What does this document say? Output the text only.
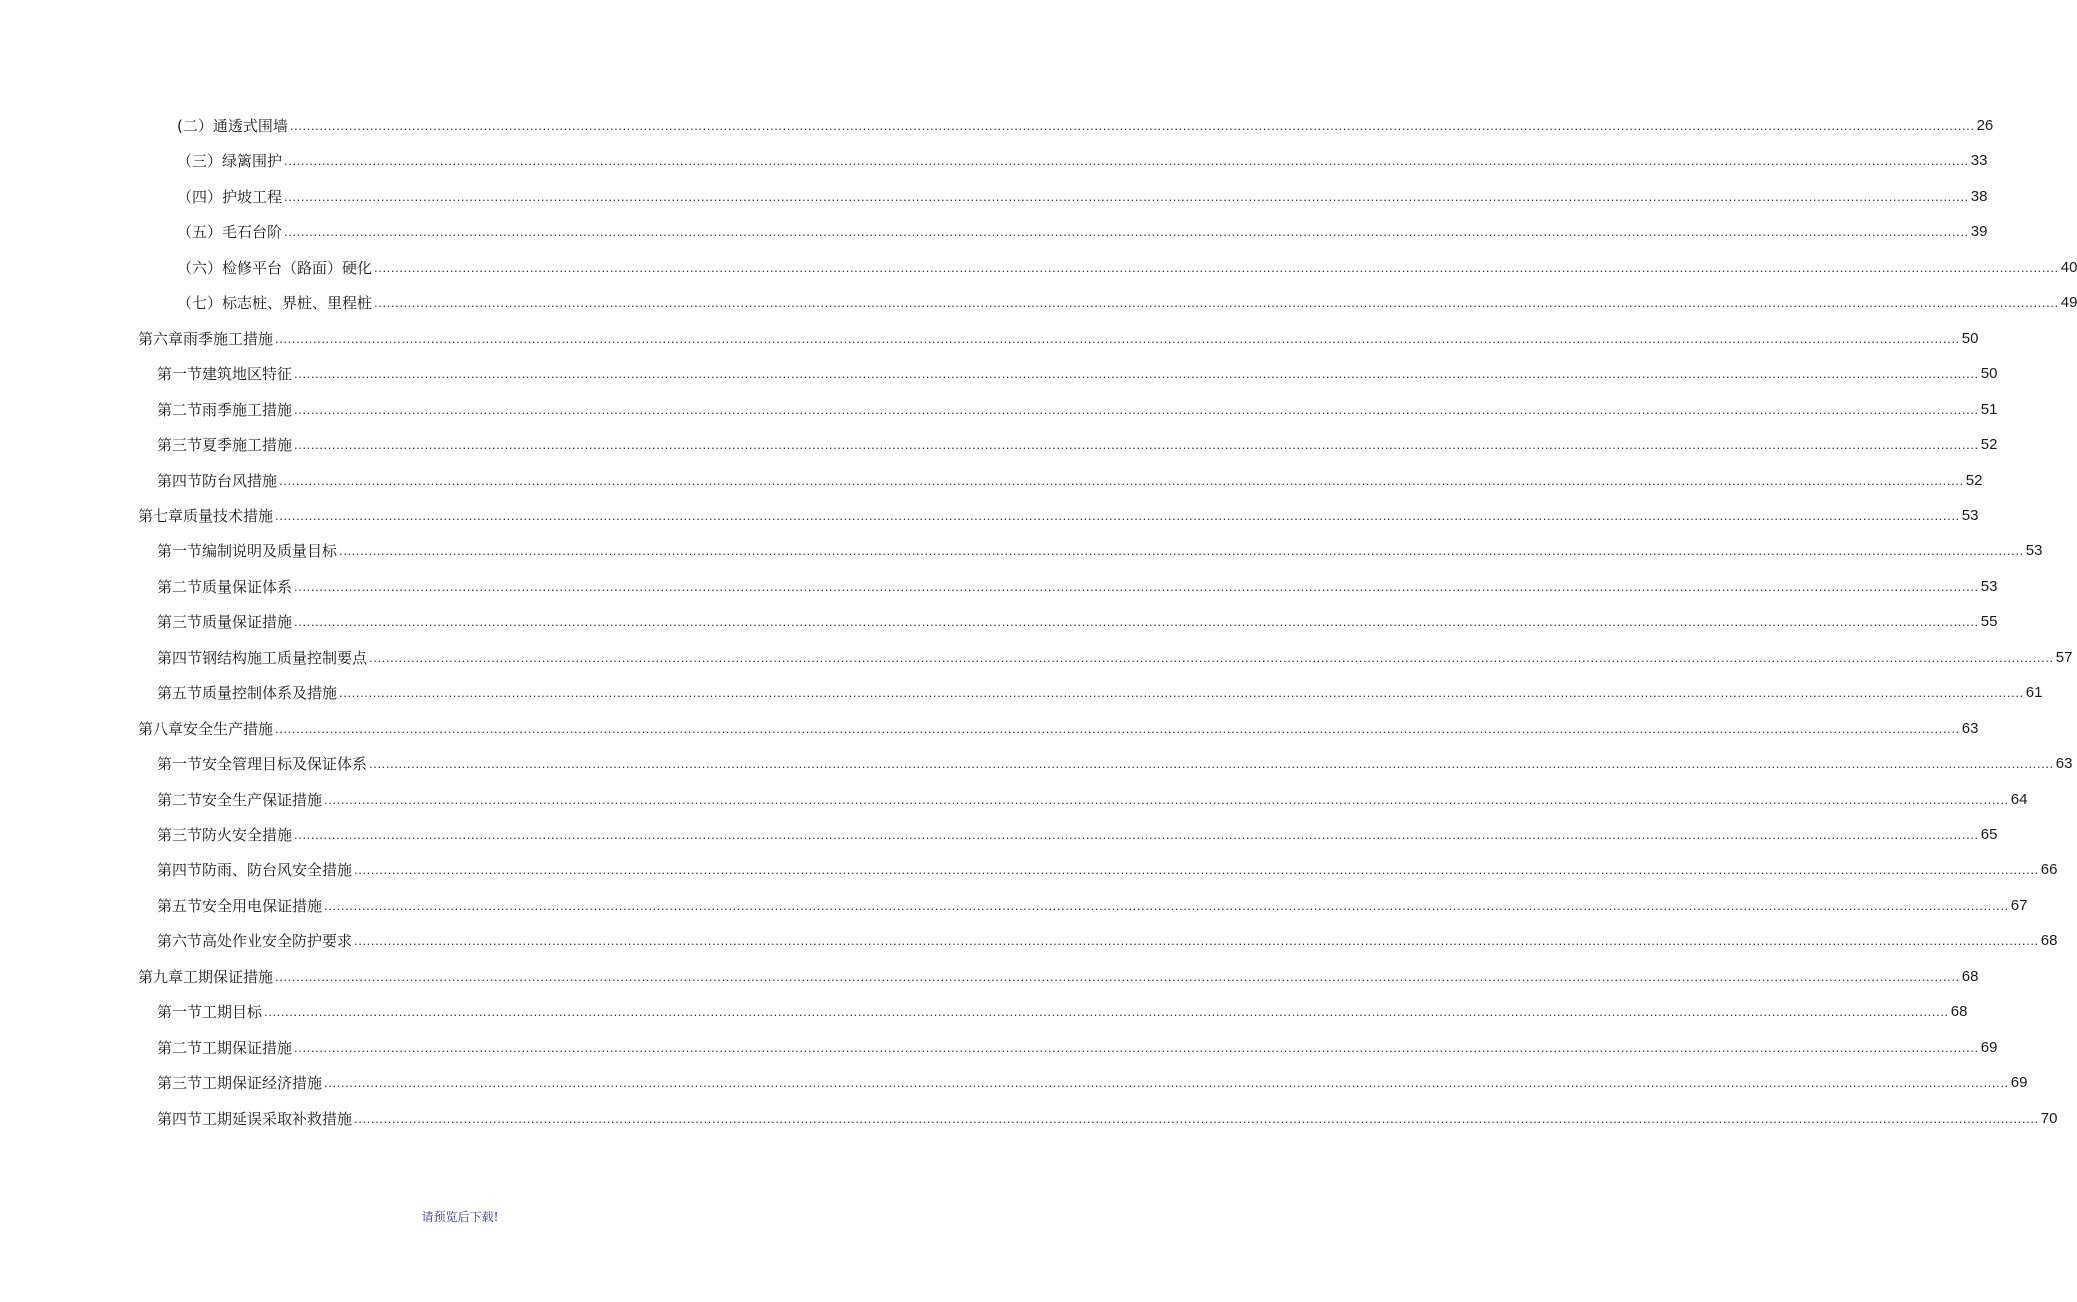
(二）通透式围墙 ................................................................................................................................................................................................................................................................................................................................................................................................................ 26
（三）绿篱围护 ................................................................................................................................................................................................................................................................................................................................................................................................................ 33
（四）护坡工程 ................................................................................................................................................................................................................................................................................................................................................................................................................ 38
（五）毛石台阶 ................................................................................................................................................................................................................................................................................................................................................................................................................ 39
（六）检修平台（路面）硬化 ................................................................................................................................................................................................................................................................................................................................................................................................................ 40
（七）标志桩、界桩、里程桩 ................................................................................................................................................................................................................................................................................................................................................................................................................ 49
第六章雨季施工措施 ................................................................................................................................................................................................................................................................................................................................................................................................................ 50
第一节建筑地区特征 ................................................................................................................................................................................................................................................................................................................................................................................................................ 50
第二节雨季施工措施 ................................................................................................................................................................................................................................................................................................................................................................................................................ 51
第三节夏季施工措施 ................................................................................................................................................................................................................................................................................................................................................................................................................ 52
第四节防台风措施 ................................................................................................................................................................................................................................................................................................................................................................................................................ 52
第七章质量技术措施 ................................................................................................................................................................................................................................................................................................................................................................................................................ 53
第一节编制说明及质量目标 ................................................................................................................................................................................................................................................................................................................................................................................................................ 53
第二节质量保证体系 ................................................................................................................................................................................................................................................................................................................................................................................................................ 53
第三节质量保证措施 ................................................................................................................................................................................................................................................................................................................................................................................................................ 55
第四节钢结构施工质量控制要点 ................................................................................................................................................................................................................................................................................................................................................................................................................ 57
第五节质量控制体系及措施 ................................................................................................................................................................................................................................................................................................................................................................................................................ 61
第八章安全生产措施 ................................................................................................................................................................................................................................................................................................................................................................................................................ 63
第一节安全管理目标及保证体系 ................................................................................................................................................................................................................................................................................................................................................................................................................ 63
第二节安全生产保证措施 ................................................................................................................................................................................................................................................................................................................................................................................................................ 64
第三节防火安全措施 ................................................................................................................................................................................................................................................................................................................................................................................................................ 65
第四节防雨、防台风安全措施 ................................................................................................................................................................................................................................................................................................................................................................................................................ 66
第五节安全用电保证措施 ................................................................................................................................................................................................................................................................................................................................................................................................................ 67
第六节高处作业安全防护要求 ................................................................................................................................................................................................................................................................................................................................................................................................................ 68
第九章工期保证措施 ................................................................................................................................................................................................................................................................................................................................................................................................................ 68
第一节工期目标 ................................................................................................................................................................................................................................................................................................................................................................................................................ 68
第二节工期保证措施 ................................................................................................................................................................................................................................................................................................................................................................................................................ 69
第三节工期保证经济措施 ................................................................................................................................................................................................................................................................................................................................................................................................................ 69
第四节工期延误采取补救措施 ................................................................................................................................................................................................................................................................................................................................................................................................................ 70
请预览后下载!
